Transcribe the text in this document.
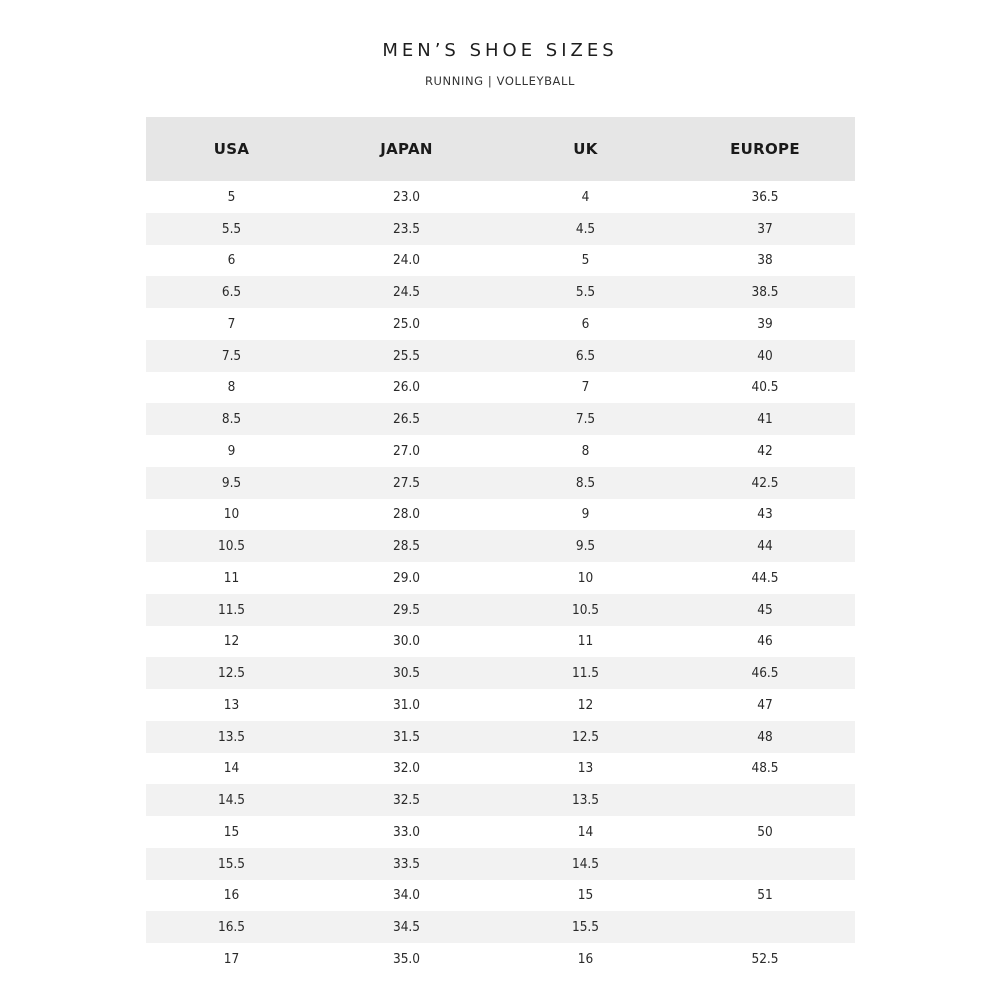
MEN’S SHOE SIZES
RUNNING | VOLLEYBALL
USA	JAPAN	UK	EUROPE
5	23.0	4	36.5
5.5	23.5	4.5	37
6	24.0	5	38
6.5	24.5	5.5	38.5
7	25.0	6	39
7.5	25.5	6.5	40
8	26.0	7	40.5
8.5	26.5	7.5	41
9	27.0	8	42
9.5	27.5	8.5	42.5
10	28.0	9	43
10.5	28.5	9.5	44
11	29.0	10	44.5
11.5	29.5	10.5	45
12	30.0	11	46
12.5	30.5	11.5	46.5
13	31.0	12	47
13.5	31.5	12.5	48
14	32.0	13	48.5
14.5	32.5	13.5
15	33.0	14	50
15.5	33.5	14.5
16	34.0	15	51
16.5	34.5	15.5
17	35.0	16	52.5
